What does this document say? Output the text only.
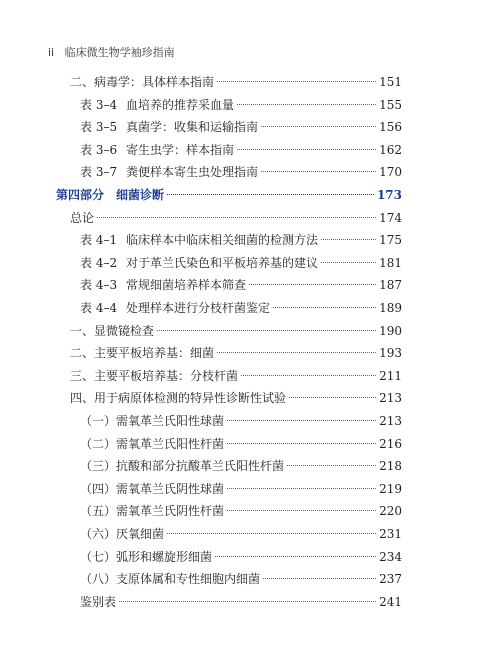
ii 临床微生物学袖珍指南
二、病毒学：具体样本指南	151
表 3–4 血培养的推荐采血量	155
表 3–5 真菌学：收集和运输指南	156
表 3–6 寄生虫学：样本指南	162
表 3–7 粪便样本寄生虫处理指南	170
第四部分　细菌诊断	173
总论	174
表 4–1 临床样本中临床相关细菌的检测方法	175
表 4–2 对于革兰氏染色和平板培养基的建议	181
表 4–3 常规细菌培养样本筛查	187
表 4–4 处理样本进行分枝杆菌鉴定	189
一、显微镜检查	190
二、主要平板培养基：细菌	193
三、主要平板培养基：分枝杆菌	211
四、用于病原体检测的特异性诊断性试验	213
（一）需氧革兰氏阳性球菌	213
（二）需氧革兰氏阳性杆菌	216
（三）抗酸和部分抗酸革兰氏阳性杆菌	218
（四）需氧革兰氏阴性球菌	219
（五）需氧革兰氏阴性杆菌	220
（六）厌氧细菌	231
（七）弧形和螺旋形细菌	234
（八）支原体属和专性细胞内细菌	237
鉴别表	241
